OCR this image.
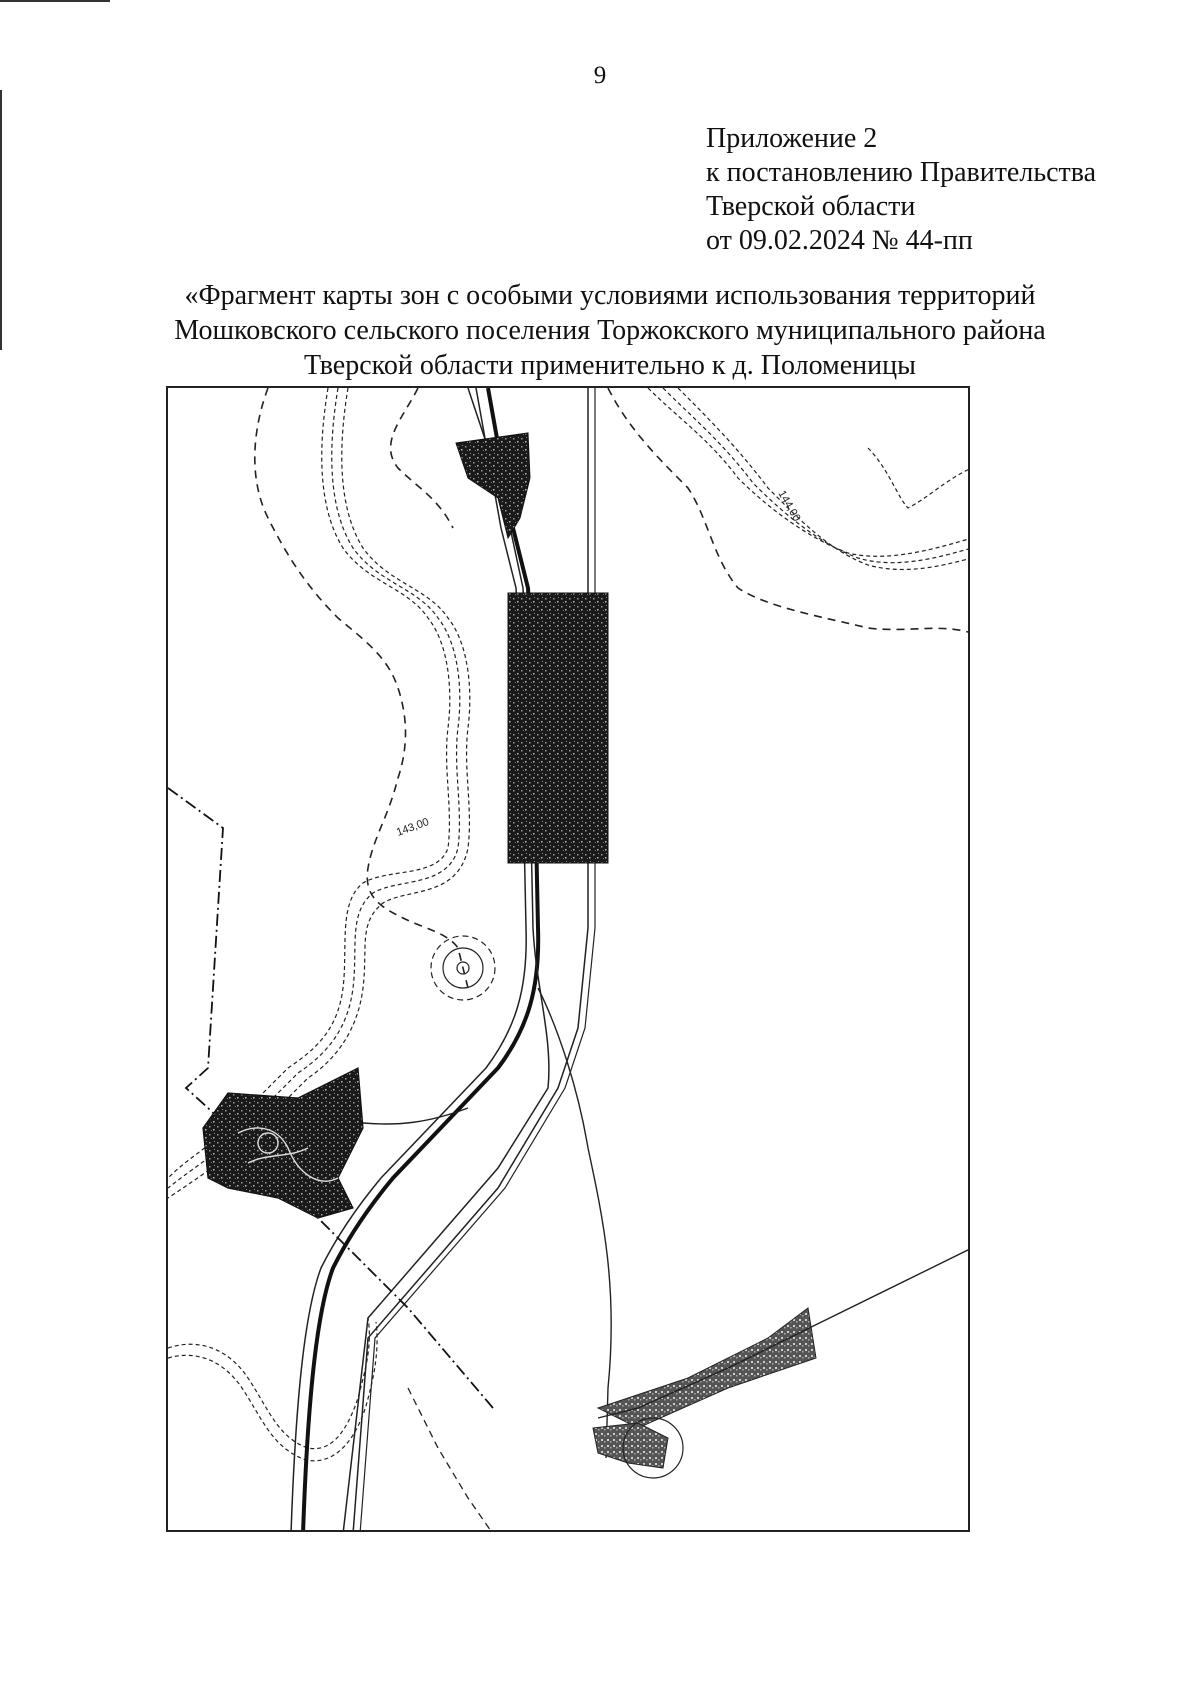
9
Приложение 2
к постановлению Правительства
Тверской области
от 09.02.2024 № 44-пп
«Фрагмент карты зон с особыми условиями использования территорий
Мошковского сельского поселения Торжокского муниципального района
Тверской области применительно к д. Поломеницы
144,00
143,00
